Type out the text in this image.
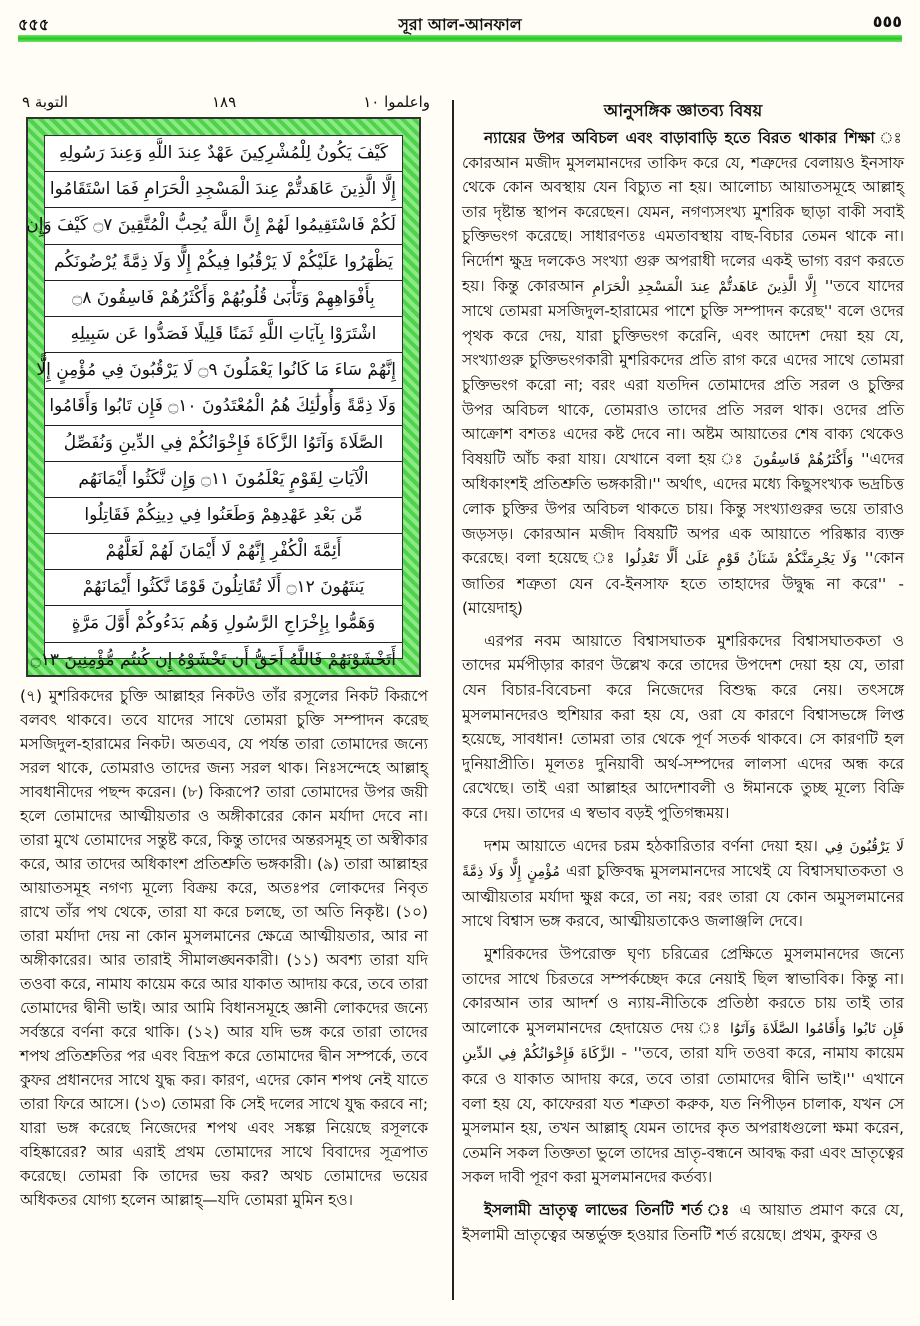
৫৫৫	সূরা আল-আনফাল	٥٥٥
التوبة ٩	١٨٩	واعلموا ١٠
كَيْفَ يَكُونُ لِلْمُشْرِكِينَ عَهْدٌ عِندَ اللَّهِ وَعِندَ رَسُولِهِ
إِلَّا الَّذِينَ عَاهَدتُّمْ عِندَ الْمَسْجِدِ الْحَرَامِ فَمَا اسْتَقَامُوا
لَكُمْ فَاسْتَقِيمُوا لَهُمْ إِنَّ اللَّهَ يُحِبُّ الْمُتَّقِينَ ۝٧ كَيْفَ وَإِن
يَظْهَرُوا عَلَيْكُمْ لَا يَرْقُبُوا فِيكُمْ إِلًّا وَلَا ذِمَّةً يُرْضُونَكُم
بِأَفْوَاهِهِمْ وَتَأْبَىٰ قُلُوبُهُمْ وَأَكْثَرُهُمْ فَاسِقُونَ ۝٨
اشْتَرَوْا بِآيَاتِ اللَّهِ ثَمَنًا قَلِيلًا فَصَدُّوا عَن سَبِيلِهِ
إِنَّهُمْ سَاءَ مَا كَانُوا يَعْمَلُونَ ۝٩ لَا يَرْقُبُونَ فِي مُؤْمِنٍ إِلًّا
وَلَا ذِمَّةً وَأُولَٰئِكَ هُمُ الْمُعْتَدُونَ ۝١٠ فَإِن تَابُوا وَأَقَامُوا
الصَّلَاةَ وَآتَوُا الزَّكَاةَ فَإِخْوَانُكُمْ فِي الدِّينِ وَنُفَصِّلُ
الْآيَاتِ لِقَوْمٍ يَعْلَمُونَ ۝١١ وَإِن نَّكَثُوا أَيْمَانَهُم
مِّن بَعْدِ عَهْدِهِمْ وَطَعَنُوا فِي دِينِكُمْ فَقَاتِلُوا
أَئِمَّةَ الْكُفْرِ إِنَّهُمْ لَا أَيْمَانَ لَهُمْ لَعَلَّهُمْ
يَنتَهُونَ ۝١٢ أَلَا تُقَاتِلُونَ قَوْمًا نَّكَثُوا أَيْمَانَهُمْ
وَهَمُّوا بِإِخْرَاجِ الرَّسُولِ وَهُم بَدَءُوكُمْ أَوَّلَ مَرَّةٍ
أَتَخْشَوْنَهُمْ فَاللَّهُ أَحَقُّ أَن تَخْشَوْهُ إِن كُنتُم مُّؤْمِنِينَ ۝١٣
(৭) মুশরিকদের চুক্তি আল্লাহর নিকটও তাঁর রসূলের নিকট কিরূপে বলবৎ থাকবে। তবে যাদের সাথে তোমরা চুক্তি সম্পাদন করেছ মসজিদুল-হারামের নিকট। অতএব, যে পর্যন্ত তারা তোমাদের জন্যে সরল থাকে, তোমরাও তাদের জন্য সরল থাক। নিঃসন্দেহে আল্লাহ্ সাবধানীদের পছন্দ করেন। (৮) কিরূপে? তারা তোমাদের উপর জয়ী হলে তোমাদের আত্মীয়তার ও অঙ্গীকারের কোন মর্যাদা দেবে না। তারা মুখে তোমাদের সন্তুষ্ট করে, কিন্তু তাদের অন্তরসমূহ তা অস্বীকার করে, আর তাদের অধিকাংশ প্রতিশ্রুতি ভঙ্গকারী। (৯) তারা আল্লাহর আয়াতসমূহ নগণ্য মূল্যে বিক্রয় করে, অতঃপর লোকদের নিবৃত রাখে তাঁর পথ থেকে, তারা যা করে চলছে, তা অতি নিকৃষ্ট। (১০) তারা মর্যাদা দেয় না কোন মুসলমানের ক্ষেত্রে আত্মীয়তার, আর না অঙ্গীকারের। আর তারাই সীমালঙ্ঘনকারী। (১১) অবশ্য তারা যদি তওবা করে, নামায কায়েম করে আর যাকাত আদায় করে, তবে তারা তোমাদের দ্বীনী ভাই। আর আমি বিধানসমূহে জ্ঞানী লোকদের জন্যে সর্বস্তরে বর্ণনা করে থাকি। (১২) আর যদি ভঙ্গ করে তারা তাদের শপথ প্রতিশ্রুতির পর এবং বিদ্রূপ করে তোমাদের দ্বীন সম্পর্কে, তবে কুফর প্রধানদের সাথে যুদ্ধ কর। কারণ, এদের কোন শপথ নেই যাতে তারা ফিরে আসে। (১৩) তোমরা কি সেই দলের সাথে যুদ্ধ করবে না; যারা ভঙ্গ করেছে নিজেদের শপথ এবং সঙ্কল্প নিয়েছে রসূলকে বহিষ্কারের? আর এরাই প্রথম তোমাদের সাথে বিবাদের সূত্রপাত করেছে। তোমরা কি তাদের ভয় কর? অথচ তোমাদের ভয়ের অধিকতর যোগ্য হলেন আল্লাহ্—যদি তোমরা মুমিন হও।
আনুসঙ্গিক জ্ঞাতব্য বিষয়

ন্যায়ের উপর অবিচল এবং বাড়াবাড়ি হতে বিরত থাকার শিক্ষা ঃ কোরআন মজীদ মুসলমানদের তাকিদ করে যে, শত্রুদের বেলায়ও ইনসাফ থেকে কোন অবস্থায় যেন বিচ্যুত না হয়। আলোচ্য আয়াতসমূহে আল্লাহ্ তার দৃষ্টান্ত স্থাপন করেছেন। যেমন, নগণ্যসংখ্য মুশরিক ছাড়া বাকী সবাই চুক্তিভংগ করেছে। সাধারণতঃ এমতাবস্থায় বাছ-বিচার তেমন থাকে না। নির্দোশ ক্ষুদ্র দলকেও সংখ্যা গুরু অপরাধী দলের একই ভাগ্য বরণ করতে হয়। কিন্তু কোরআন إِلَّا الَّذِينَ عَاهَدتُّمْ عِندَ الْمَسْجِدِ الْحَرَامِ ''তবে যাদের সাথে তোমরা মসজিদুল-হারামের পাশে চুক্তি সম্পাদন করেছ'' বলে ওদের পৃথক করে দেয়, যারা চুক্তিভংগ করেনি, এবং আদেশ দেয়া হয় যে, সংখ্যাগুরু চুক্তিভংগকারী মুশরিকদের প্রতি রাগ করে এদের সাথে তোমরা চুক্তিভংগ করো না; বরং এরা যতদিন তোমাদের প্রতি সরল ও চুক্তির উপর অবিচল থাকে, তোমরাও তাদের প্রতি সরল থাক। ওদের প্রতি আক্রোশ বশতঃ এদের কষ্ট দেবে না। অষ্টম আয়াতের শেষ বাক্য থেকেও বিষয়টি আঁচ করা যায়। যেখানে বলা হয় ঃ وَأَكْثَرُهُمْ فَاسِقُونَ ''এদের অধিকাংশই প্রতিশ্রুতি ভঙ্গকারী।'' অর্থাৎ, এদের মধ্যে কিছুসংখ্যক ভদ্রচিত্ত লোক চুক্তির উপর অবিচল থাকতে চায়। কিন্তু সংখ্যাগুরুর ভয়ে তারাও জড়সড়। কোরআন মজীদ বিষয়টি অপর এক আয়াতে পরিষ্কার ব্যক্ত করেছে। বলা হয়েছে ঃ وَلَا يَجْرِمَنَّكُمْ شَنَآنُ قَوْمٍ عَلَىٰ أَلَّا تَعْدِلُوا ''কোন জাতির শত্রুতা যেন বে-ইনসাফ হতে তাহাদের উদ্বুদ্ধ না করে'' - (মায়েদাহ্)

এরপর নবম আয়াতে বিশ্বাসঘাতক মুশরিকদের বিশ্বাসঘাতকতা ও তাদের মর্মপীড়ার কারণ উল্লেখ করে তাদের উপদেশ দেয়া হয় যে, তারা যেন বিচার-বিবেচনা করে নিজেদের বিশুদ্ধ করে নেয়। তৎসঙ্গে মুসলমানদেরও হুশিয়ার করা হয় যে, ওরা যে কারণে বিশ্বাসভঙ্গে লিপ্ত হয়েছে, সাবধান! তোমরা তার থেকে পূর্ণ সতর্ক থাকবে। সে কারণটি হল দুনিয়াপ্রীতি। মূলতঃ দুনিয়াবী অর্থ-সম্পদের লালসা এদের অন্ধ করে রেখেছে। তাই এরা আল্লাহর আদেশাবলী ও ঈমানকে তুচ্ছ মূল্যে বিক্রি করে দেয়। তাদের এ স্বভাব বড়ই পুতিগন্ধময়।

দশম আয়াতে এদের চরম হঠকারিতার বর্ণনা দেয়া হয়। لَا يَرْقُبُونَ فِي مُؤْمِنٍ إِلًّا وَلَا ذِمَّةً এরা চুক্তিবদ্ধ মুসলমানদের সাথেই যে বিশ্বাসঘাতকতা ও আত্মীয়তার মর্যাদা ক্ষুণ্ণ করে, তা নয়; বরং তারা যে কোন অমুসলমানের সাথে বিশ্বাস ভঙ্গ করবে, আত্মীয়তাকেও জলাঞ্জলি দেবে।

মুশরিকদের উপরোক্ত ঘৃণ্য চরিত্রের প্রেক্ষিতে মুসলমানদের জন্যে তাদের সাথে চিরতরে সম্পর্কচ্ছেদ করে নেয়াই ছিল স্বাভাবিক। কিন্তু না। কোরআন তার আদর্শ ও ন্যায়-নীতিকে প্রতিষ্ঠা করতে চায় তাই তার আলোকে মুসলমানদের হেদায়েত দেয় ঃ فَإِن تَابُوا وَأَقَامُوا الصَّلَاةَ وَآتَوُا الزَّكَاةَ فَإِخْوَانُكُمْ فِي الدِّينِ - ''তবে, তারা যদি তওবা করে, নামায কায়েম করে ও যাকাত আদায় করে, তবে তারা তোমাদের দ্বীনি ভাই।'' এখানে বলা হয় যে, কাফেররা যত শত্রুতা করুক, যত নিপীড়ন চালাক, যখন সে মুসলমান হয়, তখন আল্লাহ্ যেমন তাদের কৃত অপরাধগুলো ক্ষমা করেন, তেমনি সকল তিক্ততা ভুলে তাদের ভ্রাতৃ-বন্ধনে আবদ্ধ করা এবং ভ্রাতৃত্বের সকল দাবী পূরণ করা মুসলমানদের কর্তব্য।

ইসলামী ভ্রাতৃত্ব লাভের তিনটি শর্ত ঃ এ আয়াত প্রমাণ করে যে, ইসলামী ভ্রাতৃত্বের অন্তর্ভুক্ত হওয়ার তিনটি শর্ত রয়েছে। প্রথম, কুফর ও
